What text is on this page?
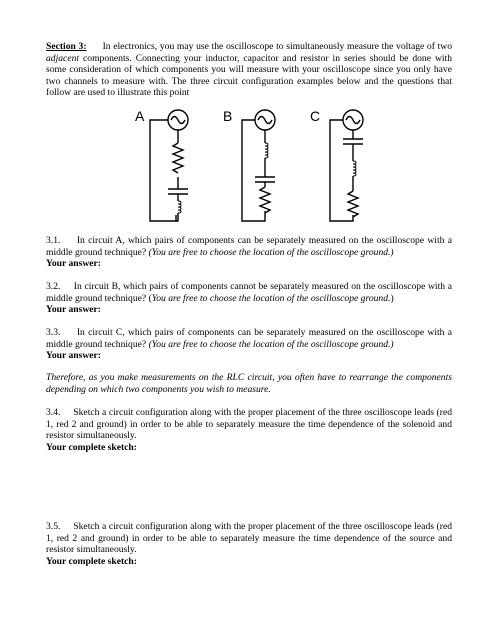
Section 3: In electronics, you may use the oscilloscope to simultaneously measure the voltage of two adjacent components. Connecting your inductor, capacitor and resistor in series should be done with some consideration of which components you will measure with your oscilloscope since you only have two channels to measure with. The three circuit configuration examples below and the questions that follow are used to illustrate this point
A	B	C
3.1. In circuit A, which pairs of components can be separately measured on the oscilloscope with a middle ground technique? (You are free to choose the location of the oscilloscope ground.)
Your answer:
3.2. In circuit B, which pairs of components cannot be separately measured on the oscilloscope with a middle ground technique? (You are free to choose the location of the oscilloscope ground.)
Your answer:
3.3. In circuit C, which pairs of components can be separately measured on the oscilloscope with a middle ground technique? (You are free to choose the location of the oscilloscope ground.)
Your answer:
Therefore, as you make measurements on the RLC circuit, you often have to rearrange the components depending on which two components you wish to measure.
3.4. Sketch a circuit configuration along with the proper placement of the three oscilloscope leads (red 1, red 2 and ground) in order to be able to separately measure the time dependence of the solenoid and resistor simultaneously.
Your complete sketch:
3.5. Sketch a circuit configuration along with the proper placement of the three oscilloscope leads (red 1, red 2 and ground) in order to be able to separately measure the time dependence of the source and resistor simultaneously.
Your complete sketch:
